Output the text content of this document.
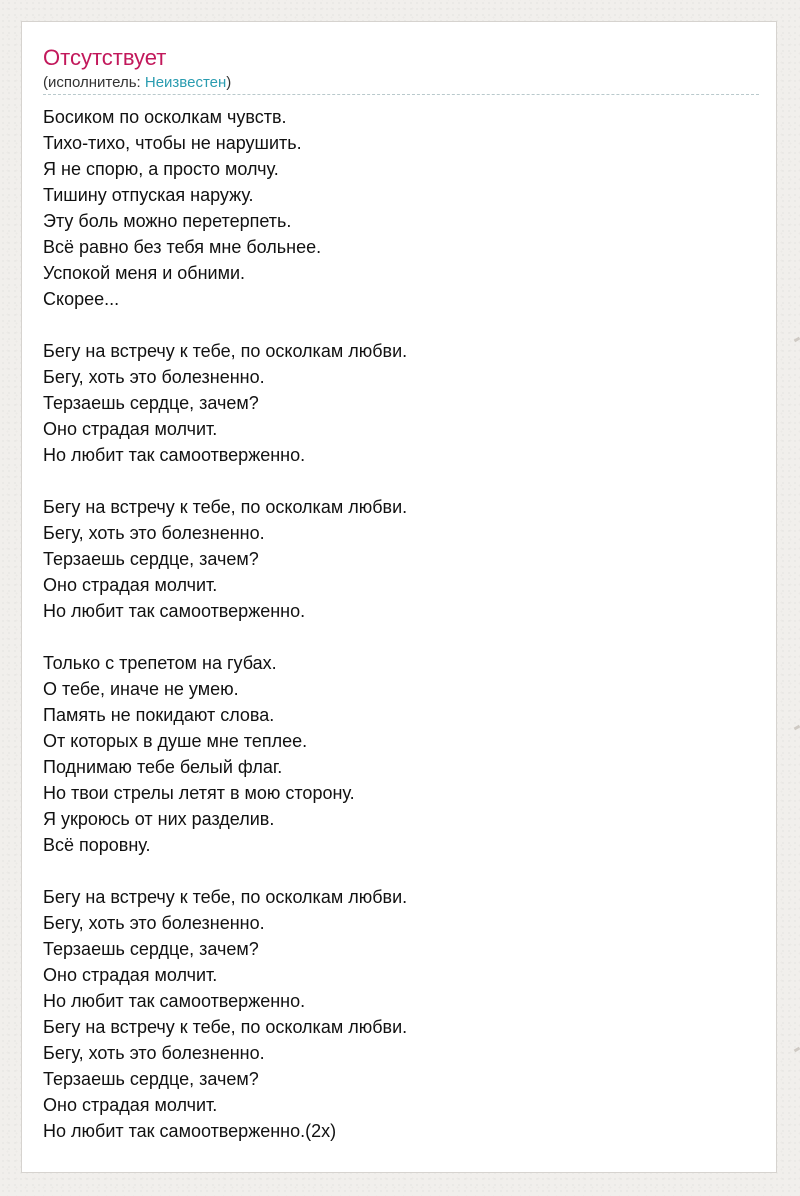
Отсутствует
(исполнитель: Неизвестен)
Босиком по осколкам чувств.
Тихо-тихо, чтобы не нарушить.
Я не спорю, а просто молчу.
Тишину отпуская наружу.
Эту боль можно перетерпеть.
Всё равно без тебя мне больнее.
Успокой меня и обними.
Скорее...
Бегу на встречу к тебе, по осколкам любви.
Бегу, хоть это болезненно.
Терзаешь сердце, зачем?
Оно страдая молчит.
Но любит так самоотверженно.
Бегу на встречу к тебе, по осколкам любви.
Бегу, хоть это болезненно.
Терзаешь сердце, зачем?
Оно страдая молчит.
Но любит так самоотверженно.
Только с трепетом на губах.
О тебе, иначе не умею.
Память не покидают слова.
От которых в душе мне теплее.
Поднимаю тебе белый флаг.
Но твои стрелы летят в мою сторону.
Я укроюсь от них разделив.
Всё поровну.
Бегу на встречу к тебе, по осколкам любви.
Бегу, хоть это болезненно.
Терзаешь сердце, зачем?
Оно страдая молчит.
Но любит так самоотверженно.
Бегу на встречу к тебе, по осколкам любви.
Бегу, хоть это болезненно.
Терзаешь сердце, зачем?
Оно страдая молчит.
Но любит так самоотверженно.(2x)
